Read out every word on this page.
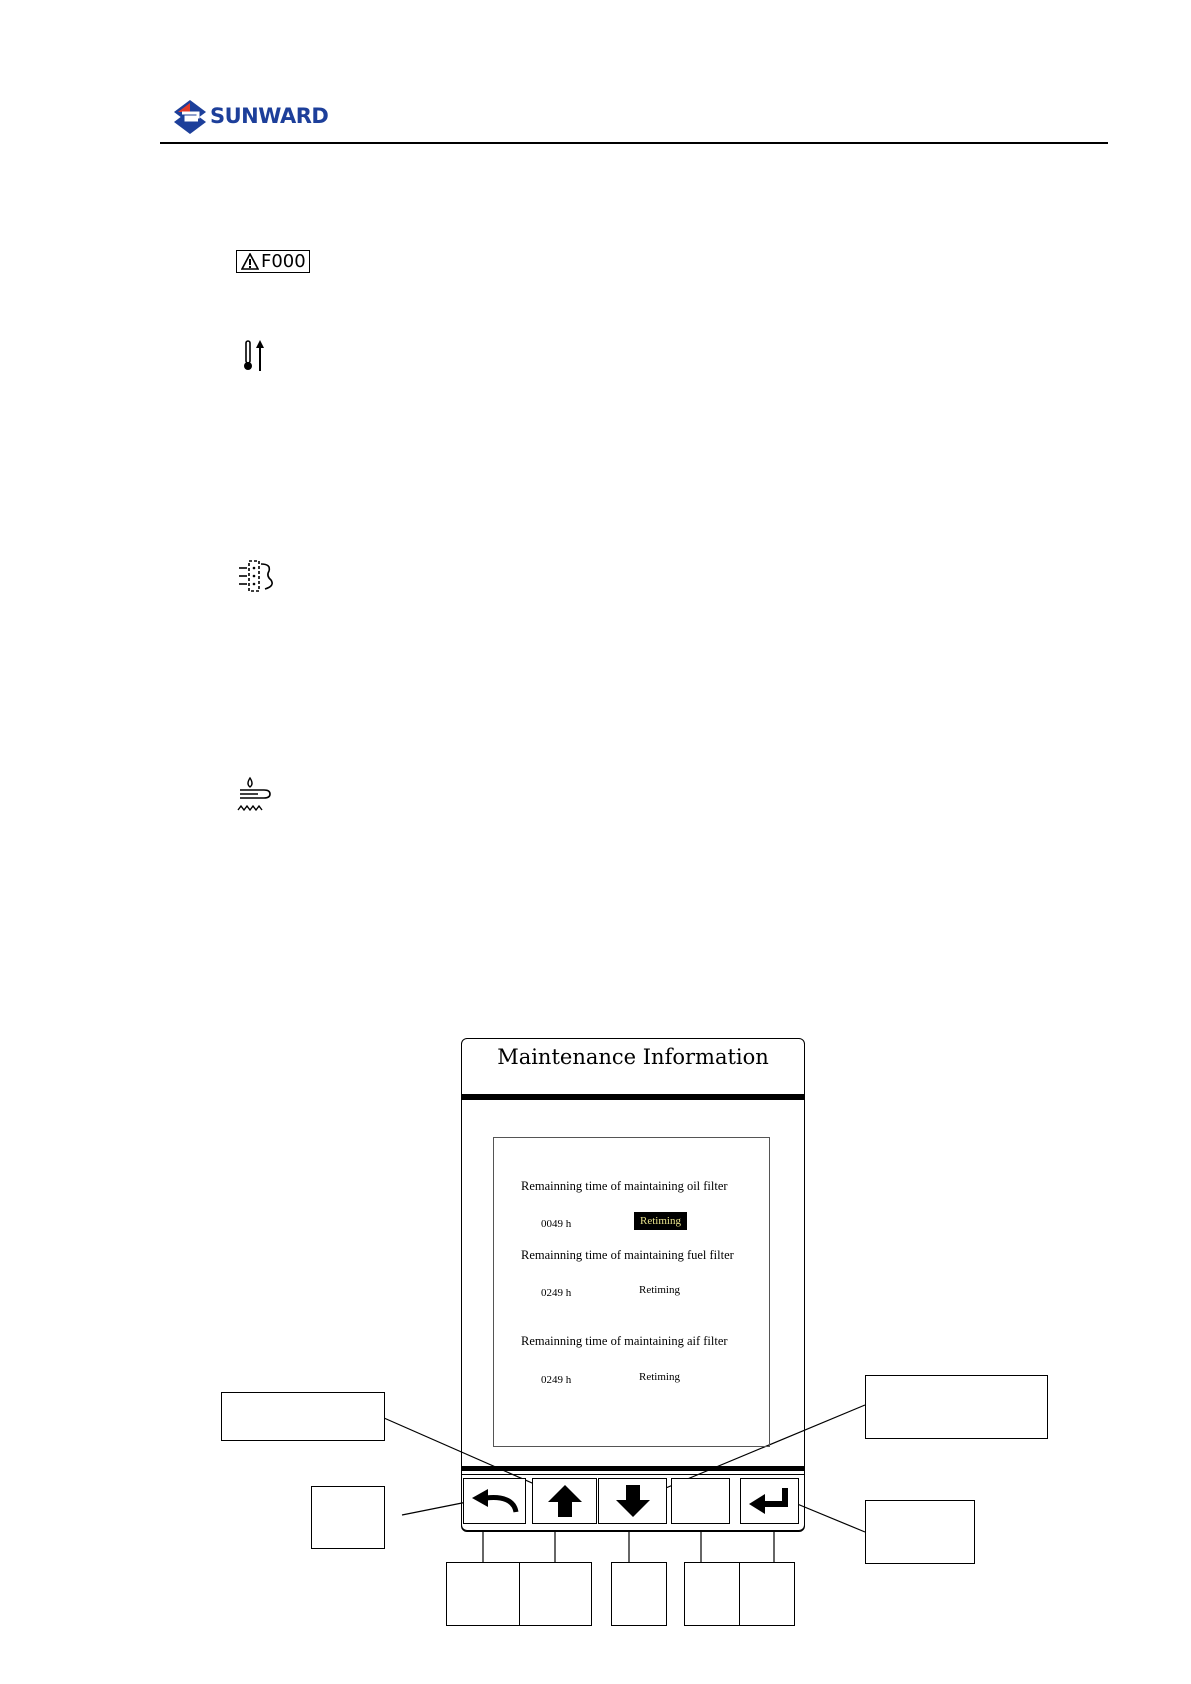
SUNWARD
F000
Maintenance Information
Remainning time of maintaining oil filter
0049 h	Retiming
Remainning time of maintaining fuel filter
0249 h	Retiming
Remainning time of maintaining aif filter
0249 h	Retiming
